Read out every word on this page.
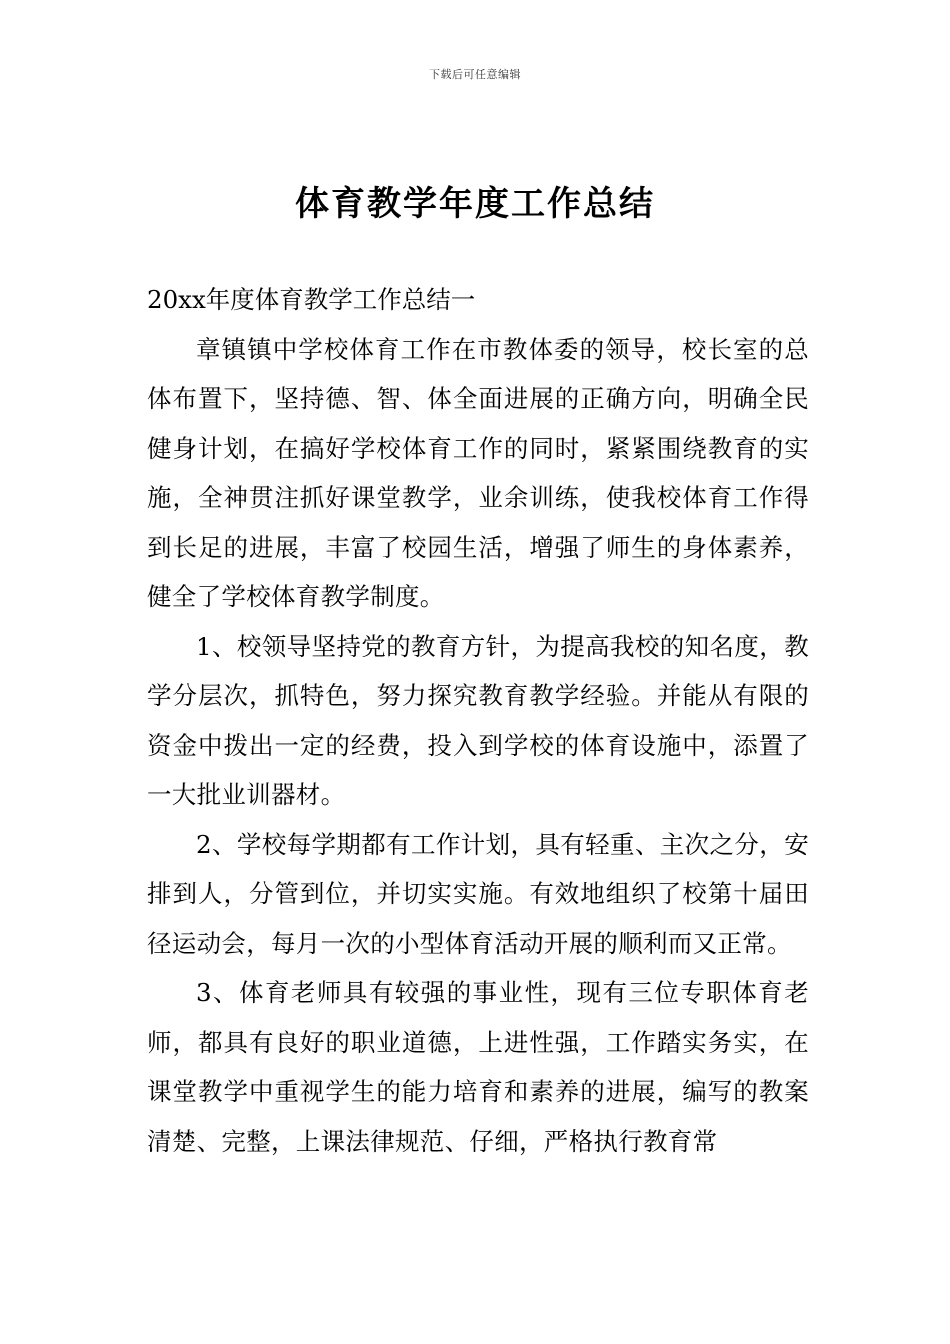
下载后可任意编辑
体育教学年度工作总结

20xx年度体育教学工作总结一

章镇镇中学校体育工作在市教体委的领导，校长室的总体布置下，坚持德、智、体全面进展的正确方向，明确全民健身计划，在搞好学校体育工作的同时，紧紧围绕教育的实施，全神贯注抓好课堂教学，业余训练，使我校体育工作得到长足的进展，丰富了校园生活，增强了师生的身体素养，健全了学校体育教学制度。

1、校领导坚持党的教育方针，为提高我校的知名度，教学分层次，抓特色，努力探究教育教学经验。并能从有限的资金中拨出一定的经费，投入到学校的体育设施中，添置了一大批业训器材。

2、学校每学期都有工作计划，具有轻重、主次之分，安排到人，分管到位，并切实实施。有效地组织了校第十届田径运动会，每月一次的小型体育活动开展的顺利而又正常。

3、体育老师具有较强的事业性，现有三位专职体育老师，都具有良好的职业道德，上进性强，工作踏实务实，在课堂教学中重视学生的能力培育和素养的进展，编写的教案清楚、完整，上课法律规范、仔细，严格执行教育常
